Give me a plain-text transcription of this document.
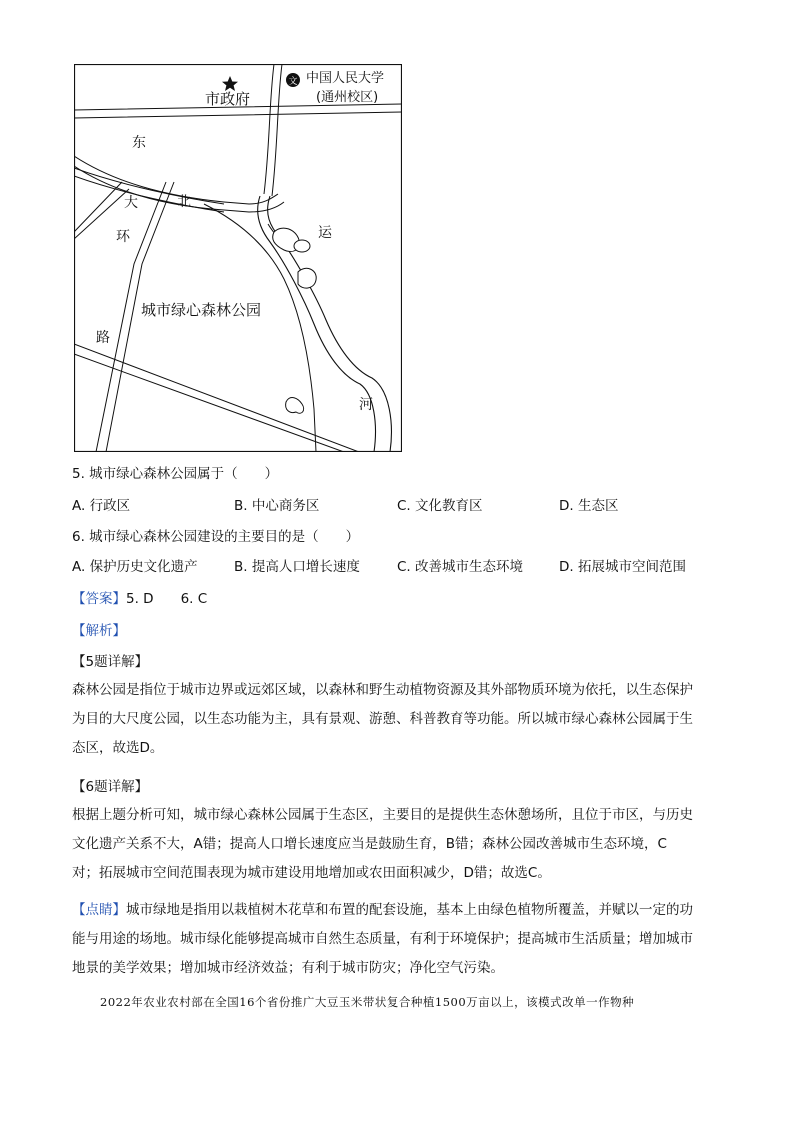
文
市政府
中国人民大学
(通州校区)
东
大	北
环
路
城市绿心森林公园
运
河
5. 城市绿心森林公园属于（　　）
A. 行政区	B. 中心商务区	C. 文化教育区	D. 生态区
6. 城市绿心森林公园建设的主要目的是（　　）
A. 保护历史文化遗产	B. 提高人口增长速度	C. 改善城市生态环境	D. 拓展城市空间范围
【答案】5. D　　6. C
【解析】
【5题详解】
森林公园是指位于城市边界或远郊区域，以森林和野生动植物资源及其外部物质环境为依托，以生态保护
为目的大尺度公园，以生态功能为主，具有景观、游憩、科普教育等功能。所以城市绿心森林公园属于生
态区，故选D。
【6题详解】
根据上题分析可知，城市绿心森林公园属于生态区，主要目的是提供生态休憩场所，且位于市区，与历史
文化遗产关系不大，A错；提高人口增长速度应当是鼓励生育，B错；森林公园改善城市生态环境，C
对；拓展城市空间范围表现为城市建设用地增加或农田面积减少，D错；故选C。
【点睛】城市绿地是指用以栽植树木花草和布置的配套设施，基本上由绿色植物所覆盖，并赋以一定的功
能与用途的场地。城市绿化能够提高城市自然生态质量，有利于环境保护；提高城市生活质量；增加城市
地景的美学效果；增加城市经济效益；有利于城市防灾；净化空气污染。
2022年农业农村部在全国16个省份推广大豆玉米带状复合种植1500万亩以上，该模式改单一作物种
